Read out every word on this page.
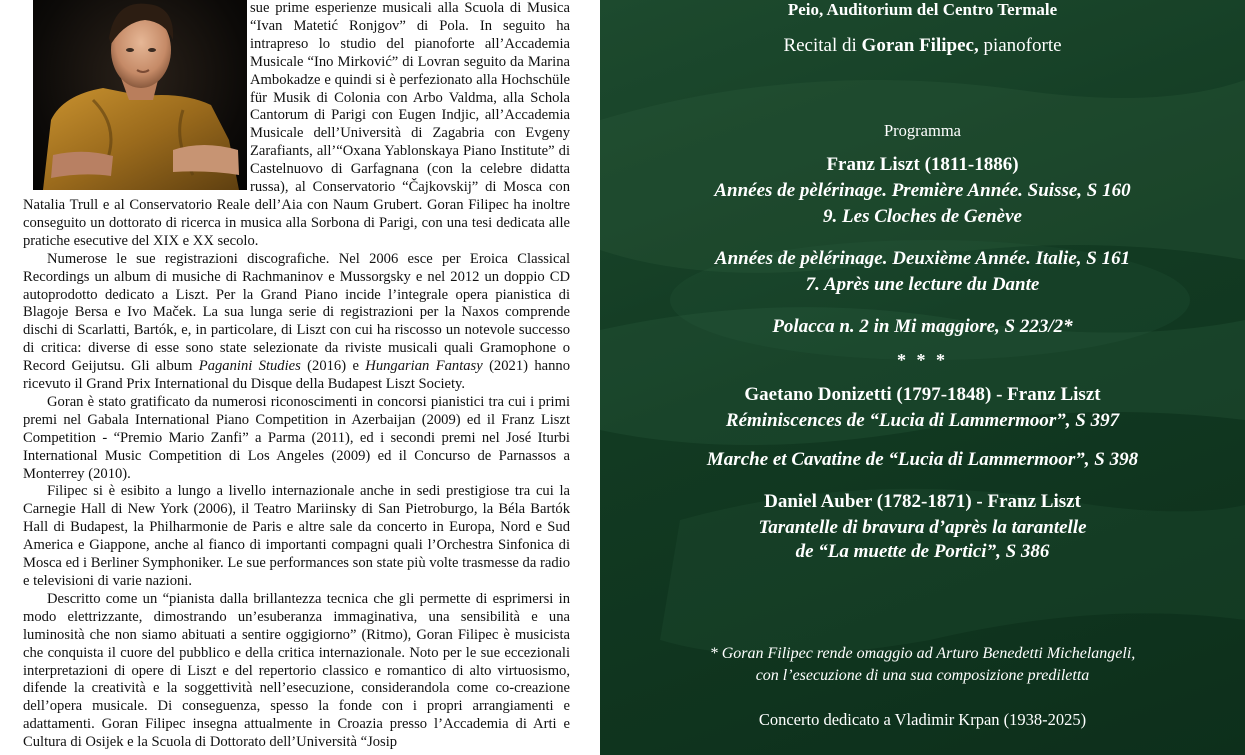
sue prime esperienze musicali alla Scuola di Musica “Ivan Matetić Ronjgov” di Pola. In seguito ha intrapreso lo studio del pianoforte all’Accademia Musicale “Ino Mirković” di Lovran seguito da Marina Ambokadze e quindi si è perfezionato alla Hochschüle für Musik di Colonia con Arbo Valdma, alla Schola Cantorum di Parigi con Eugen Indjic, all’Accademia Musicale dell’Università di Zagabria con Evgeny Zarafiants, all’“Oxana Yablonskaya Piano Institute” di Castelnuovo di Garfagnana (con la celebre didatta russa), al Conservatorio “Čajkovskij” di Mosca con Natalia Trull e al Conservatorio Reale dell’Aia con Naum Grubert. Goran Filipec ha inoltre conseguito un dottorato di ricerca in musica alla Sorbona di Parigi, con una tesi dedicata alle pratiche esecutive del XIX e XX secolo.

Numerose le sue registrazioni discografiche. Nel 2006 esce per Eroica Classical Recordings un album di musiche di Rachmaninov e Mussorgsky e nel 2012 un doppio CD autoprodotto dedicato a Liszt. Per la Grand Piano incide l’integrale opera pianistica di Blagoje Bersa e Ivo Maček. La sua lunga serie di registrazioni per la Naxos comprende dischi di Scarlatti, Bartók, e, in particolare, di Liszt con cui ha riscosso un notevole successo di critica: diverse di esse sono state selezionate da riviste musicali quali Gramophone o Record Geijutsu. Gli album Paganini Studies (2016) e Hungarian Fantasy (2021) hanno ricevuto il Grand Prix International du Disque della Budapest Liszt Society.

Goran è stato gratificato da numerosi riconoscimenti in concorsi pianistici tra cui i primi premi nel Gabala International Piano Competition in Azerbaijan (2009) ed il Franz Liszt Competition - “Premio Mario Zanfi” a Parma (2011), ed i secondi premi nel José Iturbi International Music Competition di Los Angeles (2009) ed il Concurso de Parnassos a Monterrey (2010).

Filipec si è esibito a lungo a livello internazionale anche in sedi prestigiose tra cui la Carnegie Hall di New York (2006), il Teatro Mariinsky di San Pietroburgo, la Béla Bartók Hall di Budapest, la Philharmonie de Paris e altre sale da concerto in Europa, Nord e Sud America e Giappone, anche al fianco di importanti compagni quali l’Orchestra Sinfonica di Mosca ed i Berliner Symphoniker. Le sue performances son state più volte trasmesse da radio e televisioni di varie nazioni.

Descritto come un “pianista dalla brillantezza tecnica che gli permette di esprimersi in modo elettrizzante, dimostrando un’esuberanza immaginativa, una sensibilità e una luminosità che non siamo abituati a sentire oggigiorno” (Ritmo), Goran Filipec è musicista che conquista il cuore del pubblico e della critica internazionale. Noto per le sue eccezionali interpretazioni di opere di Liszt e del repertorio classico e romantico di alto virtuosismo, difende la creatività e la soggettività nell’esecuzione, considerandola come co-creazione dell’opera musicale. Di conseguenza, spesso la fonde con i propri arrangiamenti e adattamenti. Goran Filipec insegna attualmente in Croazia presso l’Accademia di Arti e Cultura di Osijek e la Scuola di Dottorato dell’Università “Josip

Peio, Auditorium del Centro Termale

Recital di Goran Filipec, pianoforte

Programma

Franz Liszt (1811-1886)

Années de pèlérinage. Première Année. Suisse, S 160

9. Les Cloches de Genève

Années de pèlérinage. Deuxième Année. Italie, S 161

7. Après une lecture du Dante

Polacca n. 2 in Mi maggiore, S 223/2*

* * *

Gaetano Donizetti (1797-1848) - Franz Liszt

Réminiscences de “Lucia di Lammermoor”, S 397

Marche et Cavatine de “Lucia di Lammermoor”, S 398

Daniel Auber (1782-1871) - Franz Liszt

Tarantelle di bravura d’après la tarantelle

de “La muette de Portici”, S 386

* Goran Filipec rende omaggio ad Arturo Benedetti Michelangeli,

con l’esecuzione di una sua composizione prediletta

Concerto dedicato a Vladimir Krpan (1938-2025)
